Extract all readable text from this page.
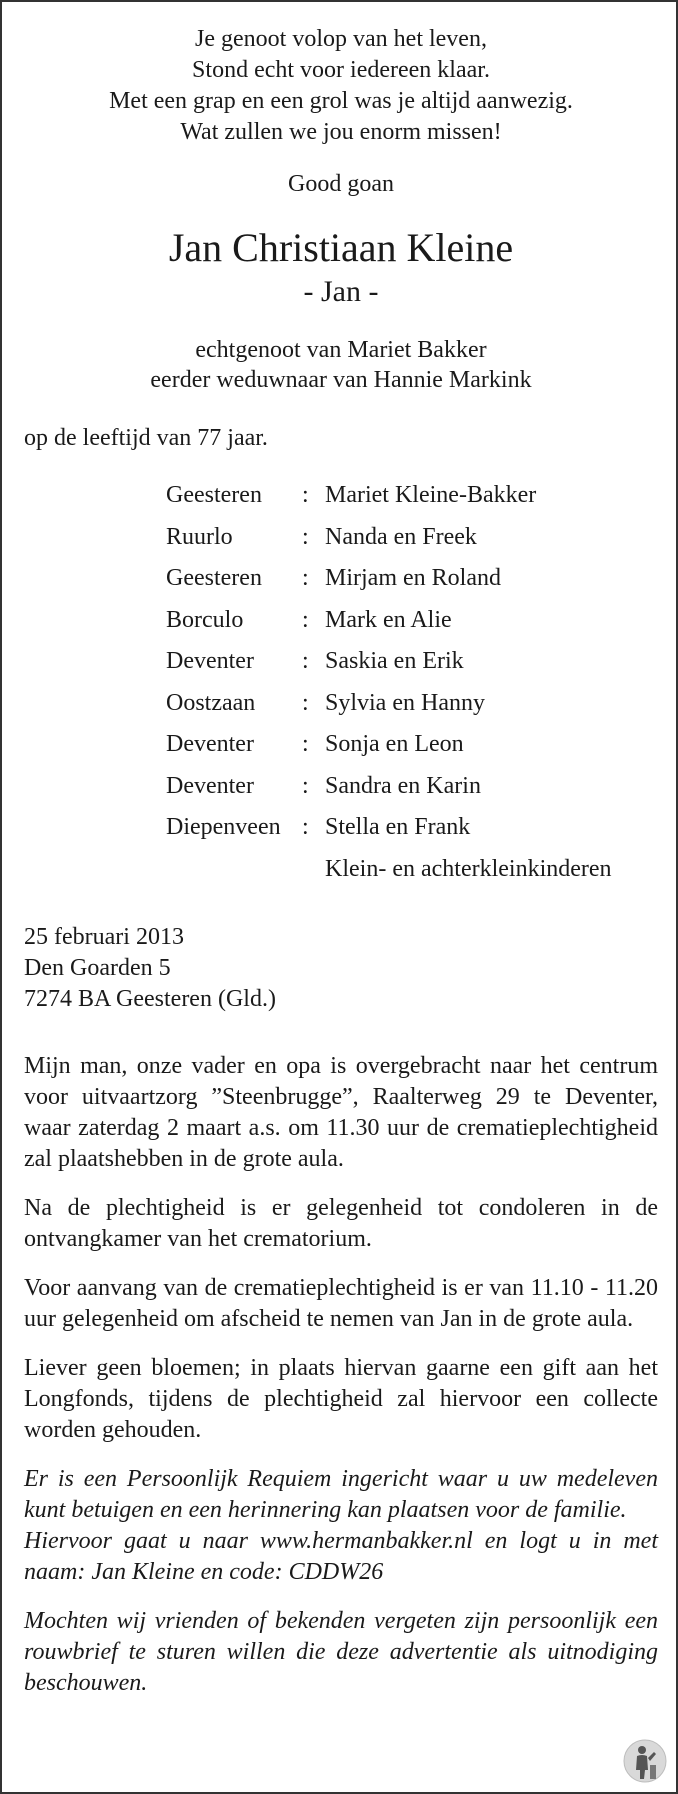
Je genoot volop van het leven,
Stond echt voor iedereen klaar.
Met een grap en een grol was je altijd aanwezig.
Wat zullen we jou enorm missen!
Good goan
Jan Christiaan Kleine
- Jan -
echtgenoot van Mariet Bakker
eerder weduwnaar van Hannie Markink
op de leeftijd van 77 jaar.
Geesteren	: Mariet Kleine-Bakker
Ruurlo	: Nanda en Freek
Geesteren	: Mirjam en Roland
Borculo	: Mark en Alie
Deventer	: Saskia en Erik
Oostzaan	: Sylvia en Hanny
Deventer	: Sonja en Leon
Deventer	: Sandra en Karin
Diepenveen : Stella en Frank
Klein- en achterkleinkinderen
25 februari 2013
Den Goarden 5
7274 BA Geesteren (Gld.)

Mijn man, onze vader en opa is overgebracht naar het centrum voor uitvaartzorg ”Steenbrugge”, Raalterweg 29 te Deventer, waar zaterdag 2 maart a.s. om 11.30 uur de crematieplechtigheid zal plaatshebben in de grote aula.

Na de plechtigheid is er gelegenheid tot condoleren in de ontvangkamer van het crematorium.

Voor aanvang van de crematieplechtigheid is er van 11.10 - 11.20 uur gelegenheid om afscheid te nemen van Jan in de grote aula.

Liever geen bloemen; in plaats hiervan gaarne een gift aan het Longfonds, tijdens de plechtigheid zal hiervoor een collecte worden gehouden.

Er is een Persoonlijk Requiem ingericht waar u uw medeleven kunt betuigen en een herinnering kan plaatsen voor de familie.
Hiervoor gaat u naar www.hermanbakker.nl en logt u in met naam: Jan Kleine en code: CDDW26

Mochten wij vrienden of bekenden vergeten zijn persoonlijk een rouwbrief te sturen willen die deze advertentie als uitnodiging beschouwen.
